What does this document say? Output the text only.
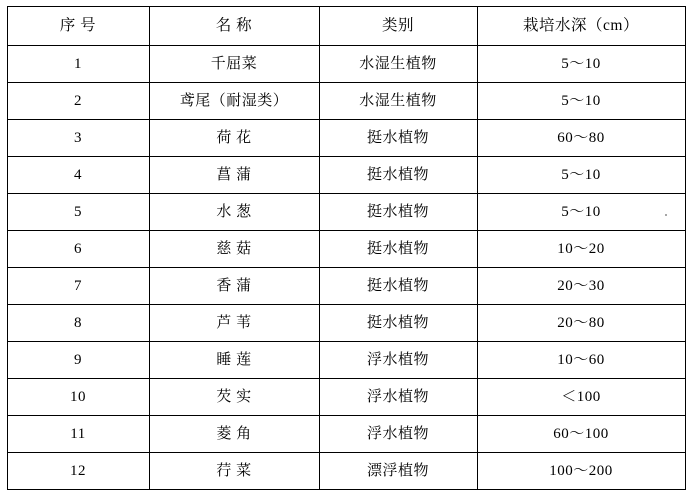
序 号	名 称	类别	栽培水深（cm）
1	千屈菜	水湿生植物	5～10
2	鸢尾（耐湿类）	水湿生植物	5～10
3	荷 花	挺水植物	60～80
4	菖 蒲	挺水植物	5～10
5	水 葱	挺水植物	5～10
6	慈 菇	挺水植物	10～20
7	香 蒲	挺水植物	20～30
8	芦 苇	挺水植物	20～80
9	睡 莲	浮水植物	10～60
10	芡 实	浮水植物	＜100
11	菱 角	浮水植物	60～100
12	荇 菜	漂浮植物	100～200
